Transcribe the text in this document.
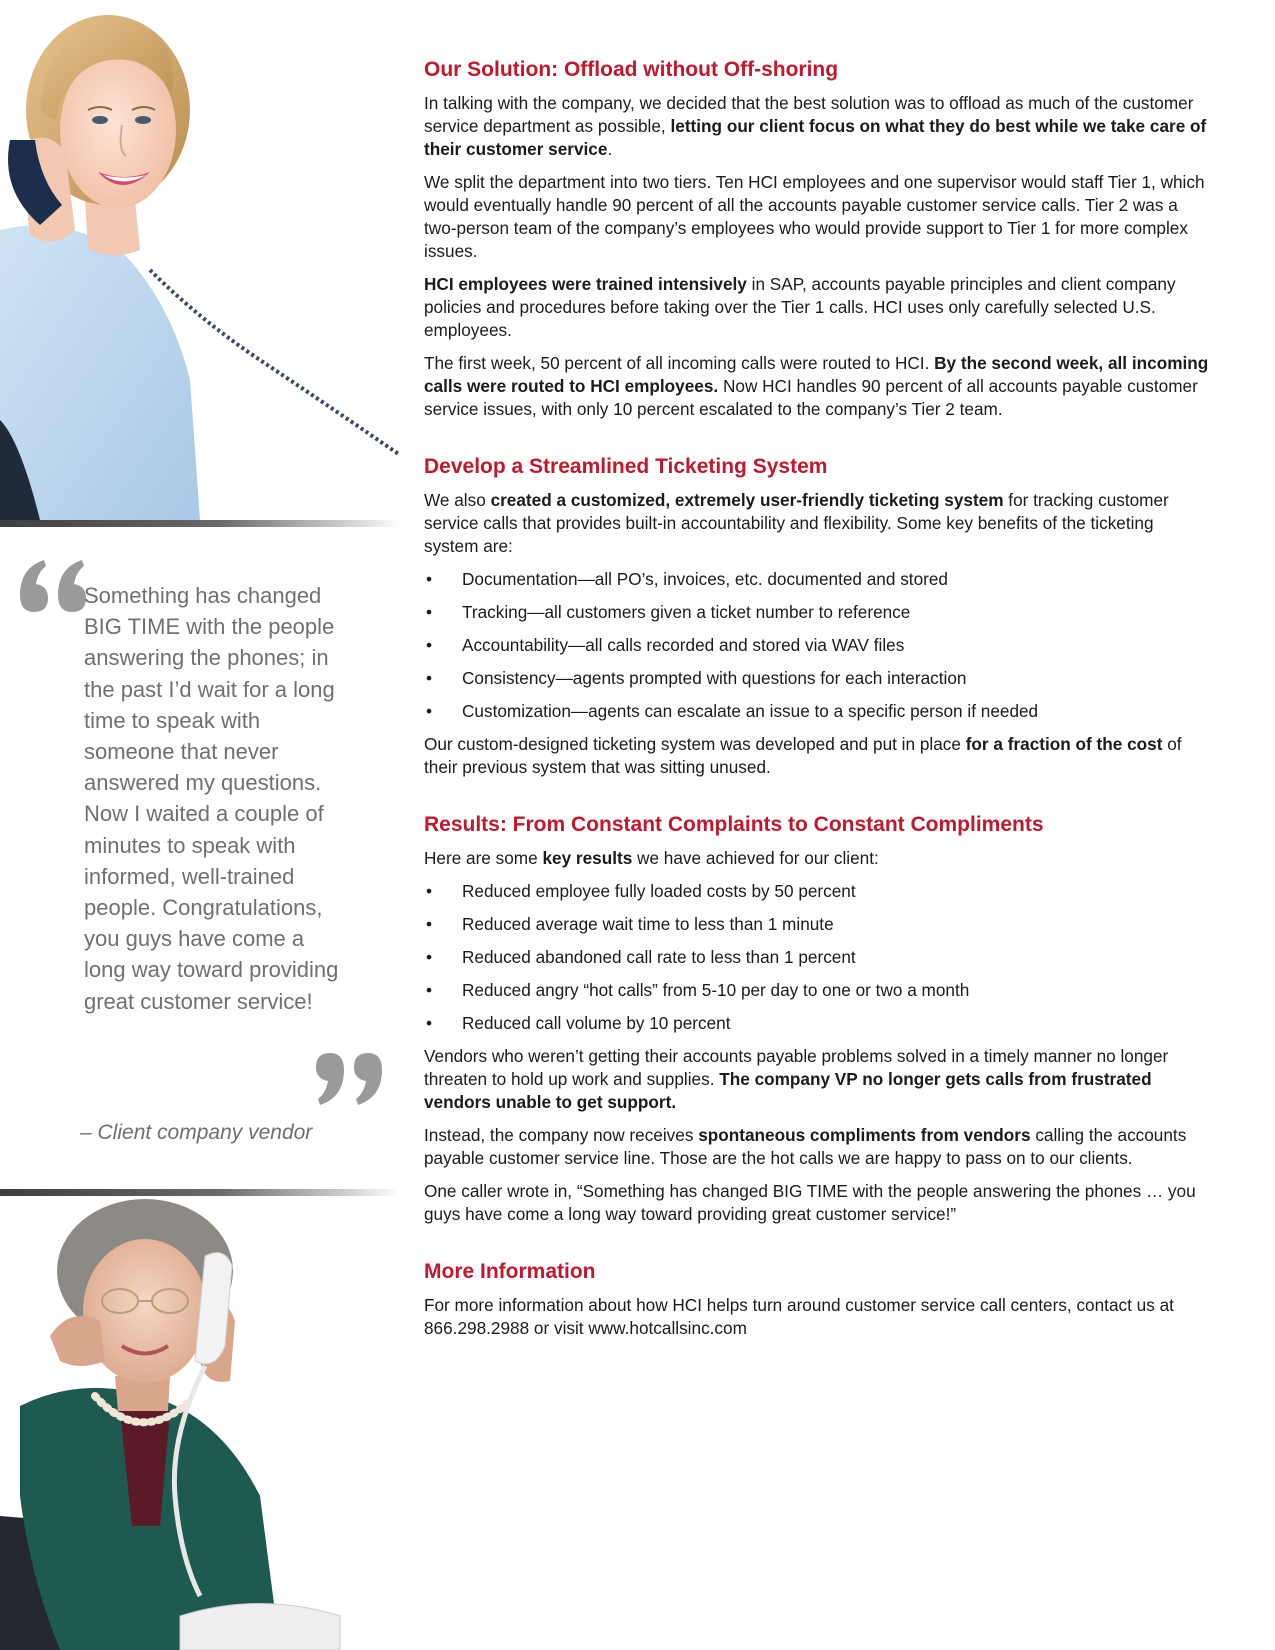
Something has changed BIG TIME with the people answering the phones; in the past I’d wait for a long time to speak with someone that never answered my questions. Now I waited a couple of minutes to speak with informed, well-trained people. Congratulations, you guys have come a long way toward providing great customer service!

– Client company vendor

Our Solution: Offload without Off-shoring

In talking with the company, we decided that the best solution was to offload as much of the customer service department as possible, letting our client focus on what they do best while we take care of their customer service.

We split the department into two tiers. Ten HCI employees and one supervisor would staff Tier 1, which would eventually handle 90 percent of all the accounts payable customer service calls. Tier 2 was a two-person team of the company’s employees who would provide support to Tier 1 for more complex issues.

HCI employees were trained intensively in SAP, accounts payable principles and client company policies and procedures before taking over the Tier 1 calls. HCI uses only carefully selected U.S. employees.

The first week, 50 percent of all incoming calls were routed to HCI. By the second week, all incoming calls were routed to HCI employees. Now HCI handles 90 percent of all accounts payable customer service issues, with only 10 percent escalated to the company’s Tier 2 team.

Develop a Streamlined Ticketing System

We also created a customized, extremely user-friendly ticketing system for tracking customer service calls that provides built-in accountability and flexibility. Some key benefits of the ticketing system are:

• Documentation—all PO’s, invoices, etc. documented and stored
• Tracking—all customers given a ticket number to reference
• Accountability—all calls recorded and stored via WAV files
• Consistency—agents prompted with questions for each interaction
• Customization—agents can escalate an issue to a specific person if needed

Our custom-designed ticketing system was developed and put in place for a fraction of the cost of their previous system that was sitting unused.

Results: From Constant Complaints to Constant Compliments

Here are some key results we have achieved for our client:

• Reduced employee fully loaded costs by 50 percent
• Reduced average wait time to less than 1 minute
• Reduced abandoned call rate to less than 1 percent
• Reduced angry “hot calls” from 5-10 per day to one or two a month
• Reduced call volume by 10 percent

Vendors who weren’t getting their accounts payable problems solved in a timely manner no longer threaten to hold up work and supplies. The company VP no longer gets calls from frustrated vendors unable to get support.

Instead, the company now receives spontaneous compliments from vendors calling the accounts payable customer service line. Those are the hot calls we are happy to pass on to our clients.

One caller wrote in, “Something has changed BIG TIME with the people answering the phones … you guys have come a long way toward providing great customer service!”

More Information

For more information about how HCI helps turn around customer service call centers, contact us at 866.298.2988 or visit www.hotcallsinc.com
